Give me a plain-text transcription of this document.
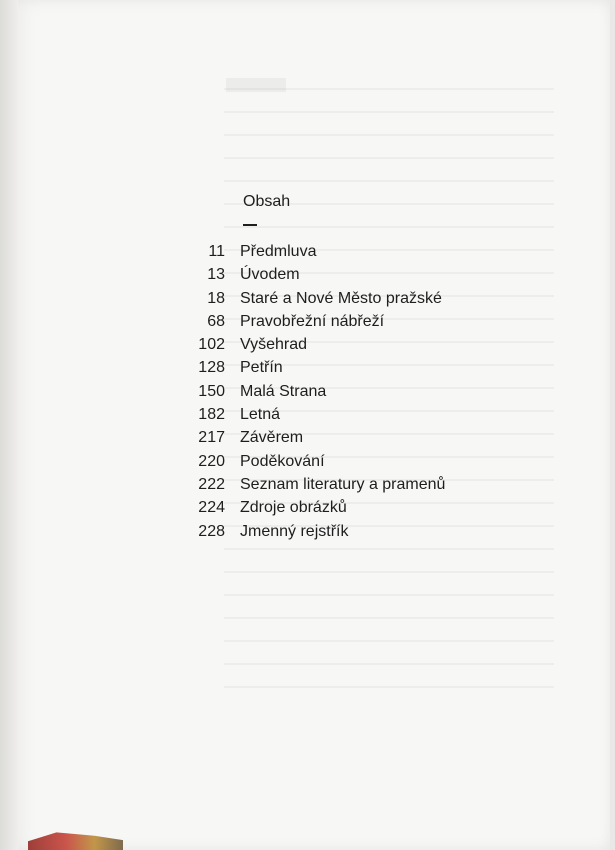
Obsah
11 Předmluva
13 Úvodem
18 Staré a Nové Město pražské
68 Pravobřežní nábřeží
102 Vyšehrad
128 Petřín
150 Malá Strana
182 Letná
217 Závěrem
220 Poděkování
222 Seznam literatury a pramenů
224 Zdroje obrázků
228 Jmenný rejstřík
